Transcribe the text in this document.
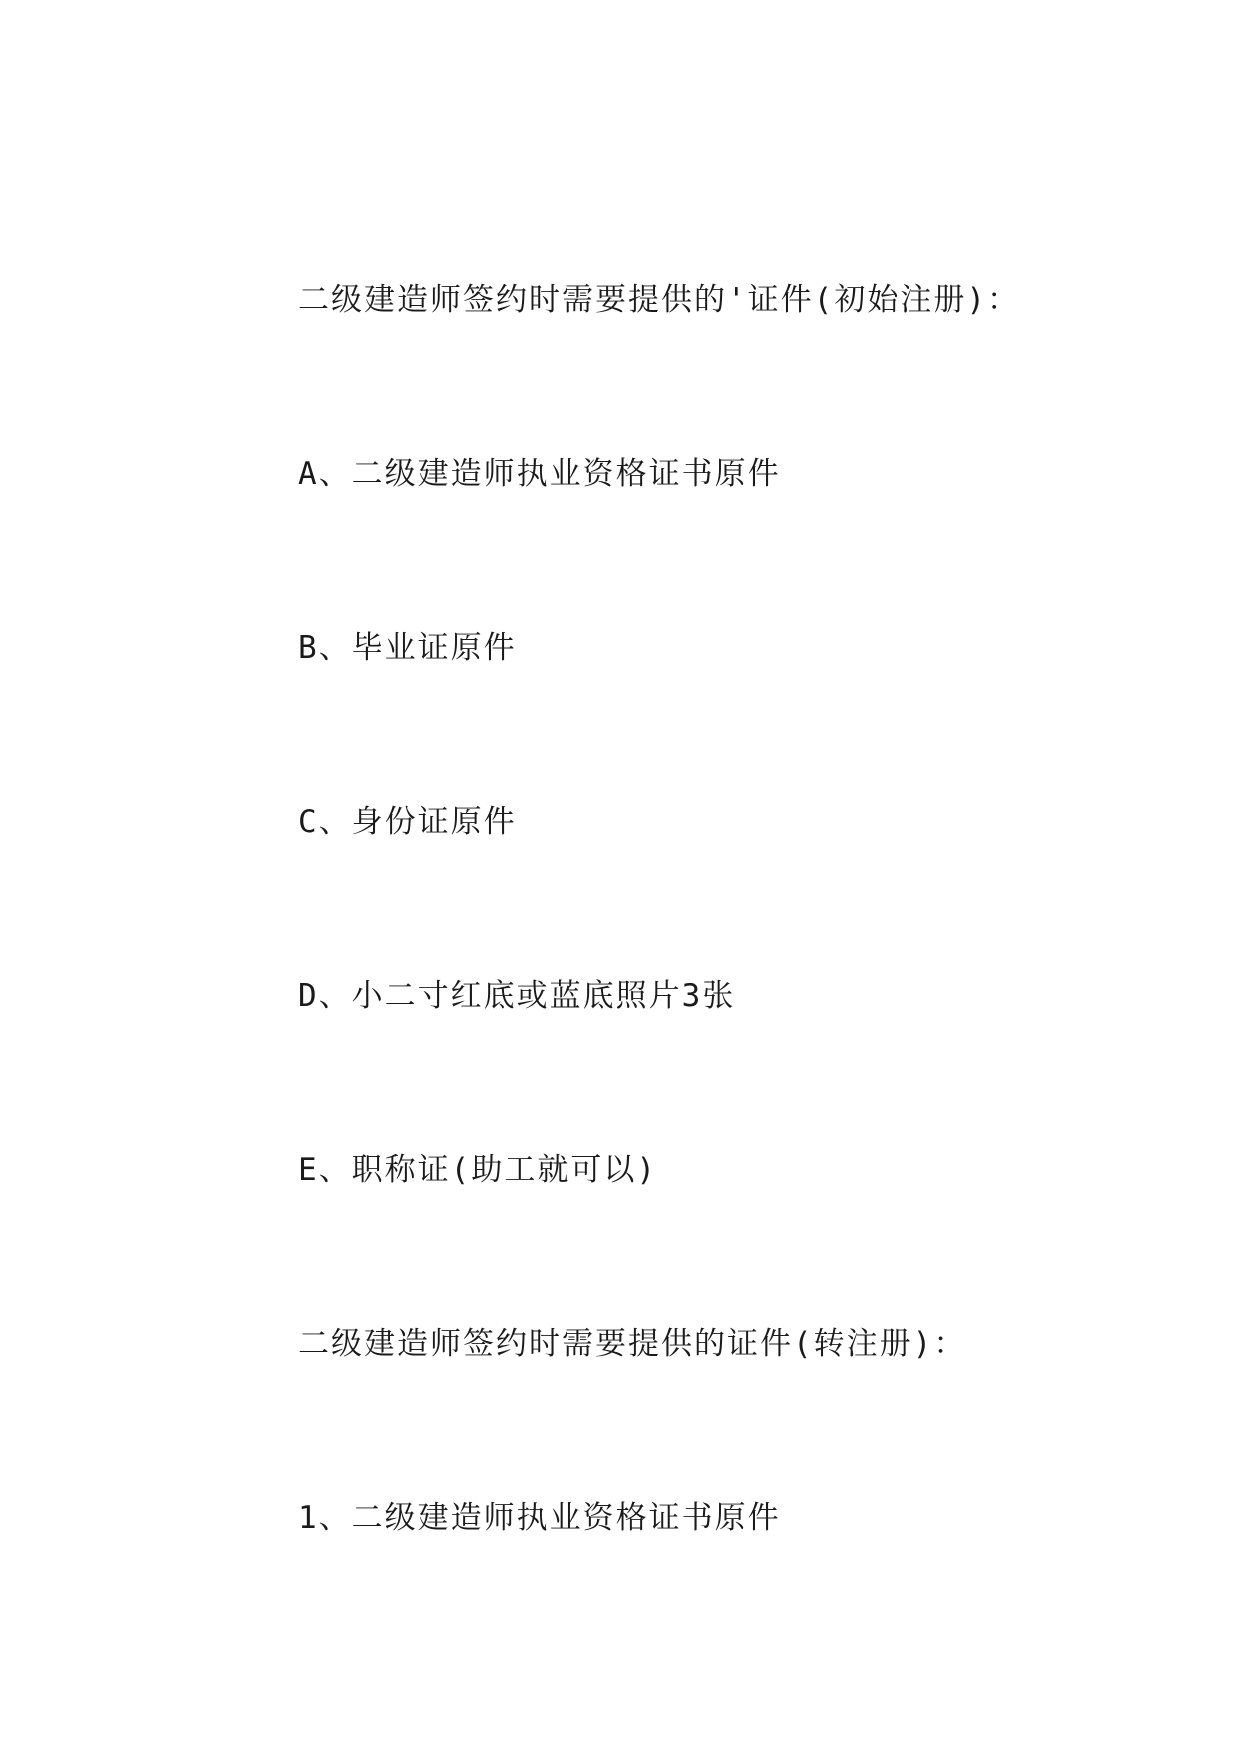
二级建造师签约时需要提供的'证件(初始注册)：
A、二级建造师执业资格证书原件
B、毕业证原件
C、身份证原件
D、小二寸红底或蓝底照片3张
E、职称证(助工就可以)
二级建造师签约时需要提供的证件(转注册)：
1、二级建造师执业资格证书原件
